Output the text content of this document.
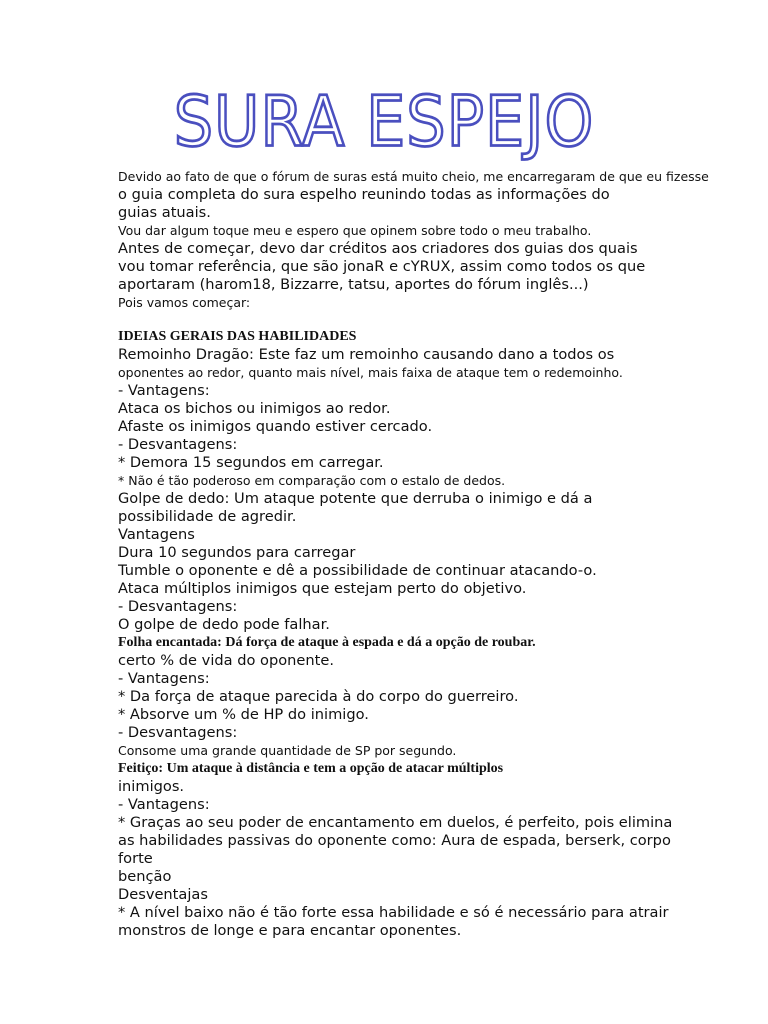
SURA ESPEJO
Devido ao fato de que o fórum de suras está muito cheio, me encarregaram de que eu fizesse
o guia completa do sura espelho reunindo todas as informações do
guias atuais.
Vou dar algum toque meu e espero que opinem sobre todo o meu trabalho.
Antes de começar, devo dar créditos aos criadores dos guias dos quais
vou tomar referência, que são jonaR e cYRUX, assim como todos os que
aportaram (harom18, Bizzarre, tatsu, aportes do fórum inglês...)
Pois vamos começar:
IDEIAS GERAIS DAS HABILIDADES
Remoinho Dragão: Este faz um remoinho causando dano a todos os
oponentes ao redor, quanto mais nível, mais faixa de ataque tem o redemoinho.
- Vantagens:
Ataca os bichos ou inimigos ao redor.
Afaste os inimigos quando estiver cercado.
- Desvantagens:
* Demora 15 segundos em carregar.
* Não é tão poderoso em comparação com o estalo de dedos.
Golpe de dedo: Um ataque potente que derruba o inimigo e dá a
possibilidade de agredir.
Vantagens
Dura 10 segundos para carregar
Tumble o oponente e dê a possibilidade de continuar atacando-o.
Ataca múltiplos inimigos que estejam perto do objetivo.
- Desvantagens:
O golpe de dedo pode falhar.
Folha encantada: Dá força de ataque à espada e dá a opção de roubar.
certo % de vida do oponente.
- Vantagens:
* Da força de ataque parecida à do corpo do guerreiro.
* Absorve um % de HP do inimigo.
- Desvantagens:
Consome uma grande quantidade de SP por segundo.
Feitiço: Um ataque à distância e tem a opção de atacar múltiplos
inimigos.
- Vantagens:
* Graças ao seu poder de encantamento em duelos, é perfeito, pois elimina
as habilidades passivas do oponente como: Aura de espada, berserk, corpo
forte
benção
Desventajas
* A nível baixo não é tão forte essa habilidade e só é necessário para atrair
monstros de longe e para encantar oponentes.
